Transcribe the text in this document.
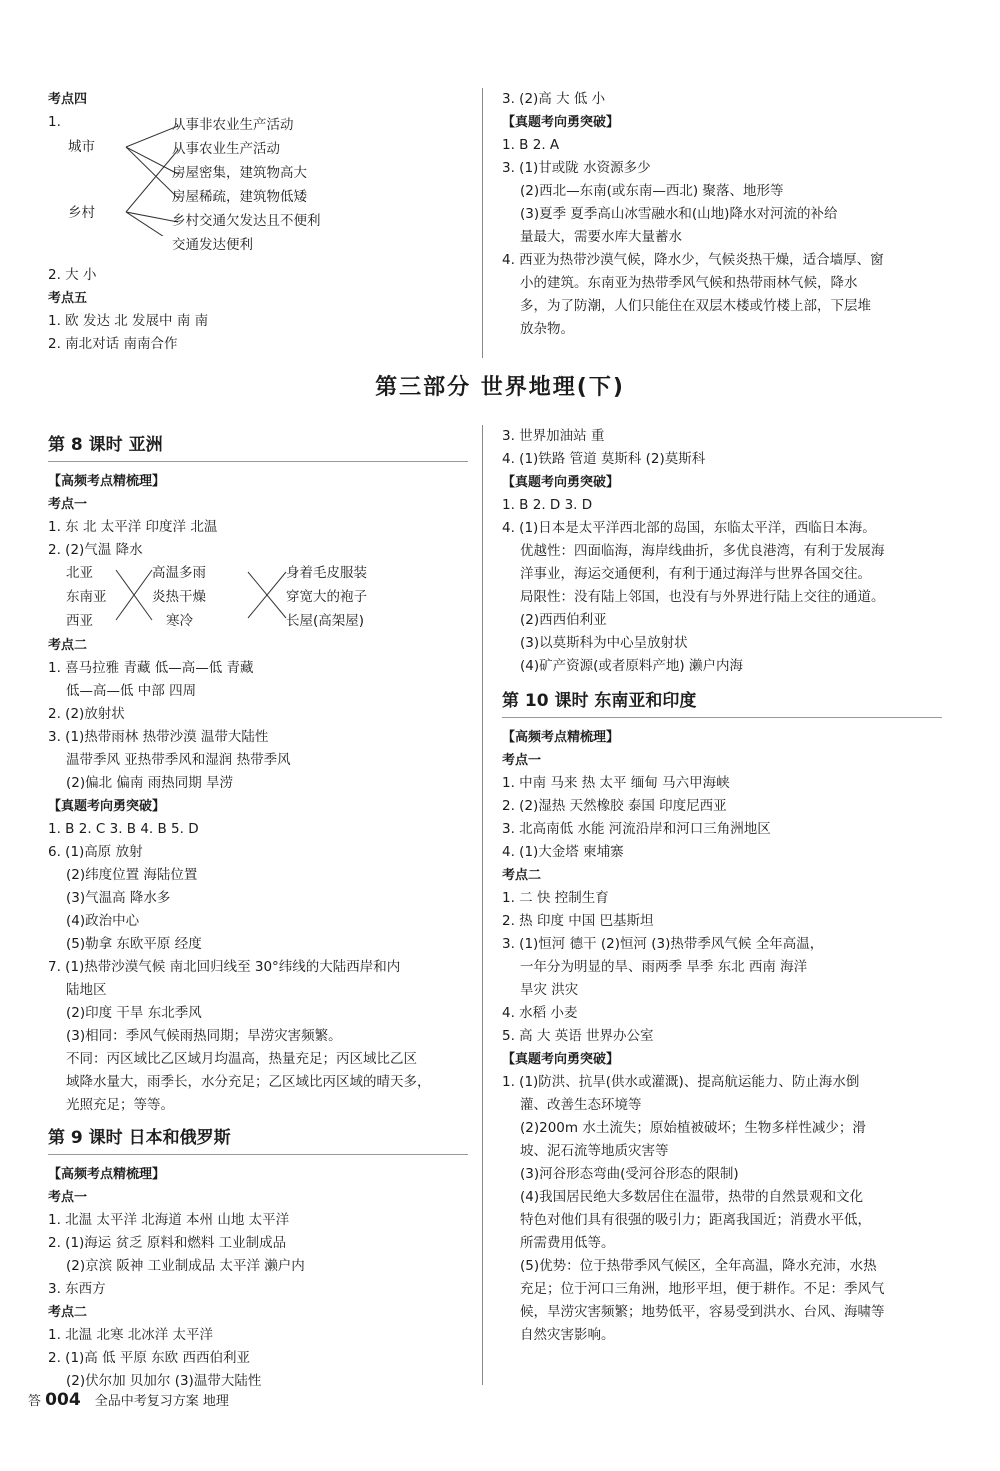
考点四
1.
城市
乡村
从事非农业生产活动
从事农业生产活动
房屋密集，建筑物高大
房屋稀疏，建筑物低矮
乡村交通欠发达且不便利
交通发达便利
2. 大 小
考点五
1. 欧 发达 北 发展中 南 南
2. 南北对话 南南合作
3. (2)高 大 低 小
【真题考向勇突破】
1. B 2. A
3. (1)甘或陇 水资源多少
(2)西北—东南(或东南—西北) 聚落、地形等
(3)夏季 夏季高山冰雪融水和(山地)降水对河流的补给
量最大，需要水库大量蓄水
4. 西亚为热带沙漠气候，降水少，气候炎热干燥，适合墙厚、窗
小的建筑。东南亚为热带季风气候和热带雨林气候，降水
多，为了防潮，人们只能住在双层木楼或竹楼上部，下层堆
放杂物。
第三部分 世界地理(下)
第 8 课时 亚洲
【高频考点精梳理】
考点一
1. 东 北 太平洋 印度洋 北温
2. (2)气温 降水
北亚
东南亚
西亚
高温多雨
炎热干燥
寒冷
身着毛皮服装
穿宽大的袍子
长屋(高架屋)
考点二
1. 喜马拉雅 青藏 低—高—低 青藏
低—高—低 中部 四周
2. (2)放射状
3. (1)热带雨林 热带沙漠 温带大陆性
温带季风 亚热带季风和湿润 热带季风
(2)偏北 偏南 雨热同期 旱涝
【真题考向勇突破】
1. B 2. C 3. B 4. B 5. D
6. (1)高原 放射
(2)纬度位置 海陆位置
(3)气温高 降水多
(4)政治中心
(5)勒拿 东欧平原 经度
7. (1)热带沙漠气候 南北回归线至 30°纬线的大陆西岸和内
陆地区
(2)印度 干旱 东北季风
(3)相同：季风气候雨热同期；旱涝灾害频繁。
不同：丙区域比乙区域月均温高，热量充足；丙区域比乙区
域降水量大，雨季长，水分充足；乙区域比丙区域的晴天多，
光照充足；等等。
第 9 课时 日本和俄罗斯
【高频考点精梳理】
考点一
1. 北温 太平洋 北海道 本州 山地 太平洋
2. (1)海运 贫乏 原料和燃料 工业制成品
(2)京滨 阪神 工业制成品 太平洋 濑户内
3. 东西方
考点二
1. 北温 北寒 北冰洋 太平洋
2. (1)高 低 平原 东欧 西西伯利亚
(2)伏尔加 贝加尔 (3)温带大陆性
3. 世界加油站 重
4. (1)铁路 管道 莫斯科 (2)莫斯科
【真题考向勇突破】
1. B 2. D 3. D
4. (1)日本是太平洋西北部的岛国，东临太平洋，西临日本海。
优越性：四面临海，海岸线曲折，多优良港湾，有利于发展海
洋事业，海运交通便利，有利于通过海洋与世界各国交往。
局限性：没有陆上邻国，也没有与外界进行陆上交往的通道。
(2)西西伯利亚
(3)以莫斯科为中心呈放射状
(4)矿产资源(或者原料产地) 濑户内海
第 10 课时 东南亚和印度
【高频考点精梳理】
考点一
1. 中南 马来 热 太平 缅甸 马六甲海峡
2. (2)湿热 天然橡胶 泰国 印度尼西亚
3. 北高南低 水能 河流沿岸和河口三角洲地区
4. (1)大金塔 柬埔寨
考点二
1. 二 快 控制生育
2. 热 印度 中国 巴基斯坦
3. (1)恒河 德干 (2)恒河 (3)热带季风气候 全年高温，
一年分为明显的旱、雨两季 旱季 东北 西南 海洋
旱灾 洪灾
4. 水稻 小麦
5. 高 大 英语 世界办公室
【真题考向勇突破】
1. (1)防洪、抗旱(供水或灌溉)、提高航运能力、防止海水倒
灌、改善生态环境等
(2)200m 水土流失；原始植被破坏；生物多样性减少；滑
坡、泥石流等地质灾害等
(3)河谷形态弯曲(受河谷形态的限制)
(4)我国居民绝大多数居住在温带，热带的自然景观和文化
特色对他们具有很强的吸引力；距离我国近；消费水平低，
所需费用低等。
(5)优势：位于热带季风气候区，全年高温，降水充沛，水热
充足；位于河口三角洲，地形平坦，便于耕作。不足：季风气
候，旱涝灾害频繁；地势低平，容易受到洪水、台风、海啸等
自然灾害影响。
答 004 全品中考复习方案 地理
